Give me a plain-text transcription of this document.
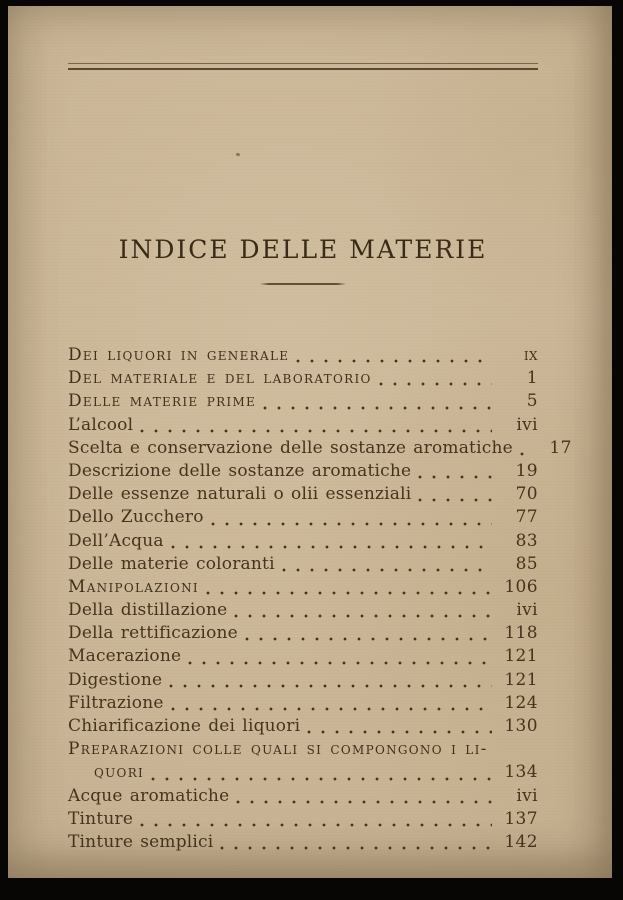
INDICE DELLE MATERIE
Dei liquori in generale	ix
Del materiale e del laboratorio	1
Delle materie prime	5
L’alcool	ivi
Scelta e conservazione delle sostanze aromatiche	17
Descrizione delle sostanze aromatiche	19
Delle essenze naturali o olii essenziali	70
Dello Zucchero	77
Dell’Acqua	83
Delle materie coloranti	85
Manipolazioni	106
Della distillazione	ivi
Della rettificazione	118
Macerazione	121
Digestione	121
Filtrazione	124
Chiarificazione dei liquori	130
Preparazioni colle quali si compongono i li-
quori	134
Acque aromatiche	ivi
Tinture	137
Tinture semplici	142
